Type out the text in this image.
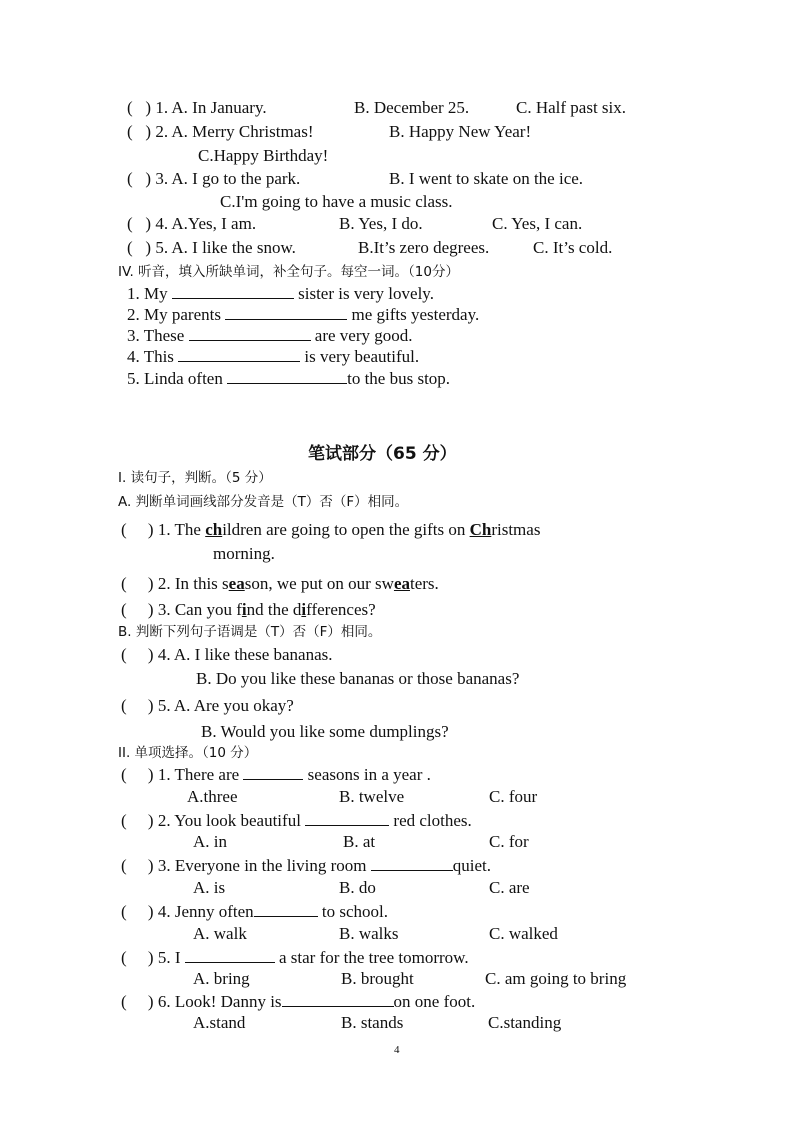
(   ) 1. A. In January.	B. December 25.	C. Half past six.
(   ) 2. A. Merry Christmas!	B. Happy New Year!
C.Happy Birthday!
(   ) 3. A. I go to the park.	B. I went to skate on the ice.
C.I'm going to have a music class.
(   ) 4. A.Yes, I am.	B. Yes, I do.	C. Yes, I can.
(   ) 5. A. I like the snow.	B.It’s zero degrees.	C. It’s cold.
IV. 听音，填入所缺单词，补全句子。每空一词。（10分）
1. My	sister is very lovely.
2. My parents	me gifts yesterday.
3. These	are very good.
4. This	is very beautiful.
5. Linda often	to the bus stop.
笔试部分（65 分）
I. 读句子，判断。（5 分）
A. 判断单词画线部分发音是（T）否（F）相同。
(     ) 1. The children are going to open the gifts on Christmas
morning.
(     ) 2. In this season, we put on our sweaters.
(     ) 3. Can you find the differences?
B. 判断下列句子语调是（T）否（F）相同。
(     ) 4. A. I like these bananas.
B. Do you like these bananas or those bananas?
(     ) 5. A. Are you okay?
B. Would you like some dumplings?
II. 单项选择。（10 分）
(     ) 1. There are	seasons in a year .
A.three	B. twelve	C. four
(     ) 2. You look beautiful	red clothes.
A. in	B. at	C. for
(     ) 3. Everyone in the living room	quiet.
A. is	B. do	C. are
(     ) 4. Jenny often	to school.
A. walk	B. walks	C. walked
(     ) 5. I	a star for the tree tomorrow.
A. bring	B. brought	C. am going to bring
(     ) 6. Look! Danny is	on one foot.
A.stand	B. stands	C.standing
4
